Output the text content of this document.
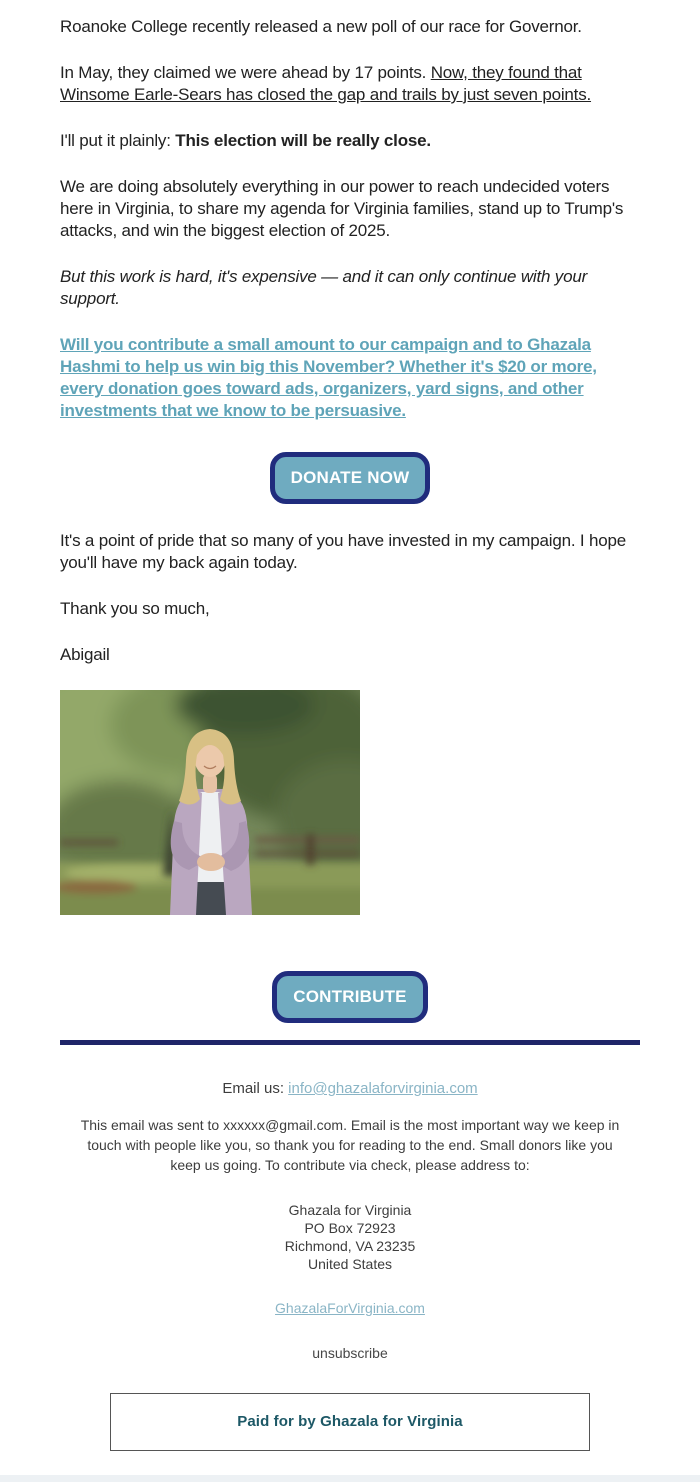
Roanoke College recently released a new poll of our race for Governor.

In May, they claimed we were ahead by 17 points. Now, they found that Winsome Earle-Sears has closed the gap and trails by just seven points.

I'll put it plainly: This election will be really close.

We are doing absolutely everything in our power to reach undecided voters here in Virginia, to share my agenda for Virginia families, stand up to Trump's attacks, and win the biggest election of 2025.

But this work is hard, it's expensive — and it can only continue with your support.

Will you contribute a small amount to our campaign and to Ghazala Hashmi to help us win big this November? Whether it's $20 or more, every donation goes toward ads, organizers, yard signs, and other investments that we know to be persuasive.

DONATE NOW

It's a point of pride that so many of you have invested in my campaign. I hope you'll have my back again today.

Thank you so much,

Abigail

CONTRIBUTE

Email us: info@ghazalaforvirginia.com

This email was sent to xxxxxx@gmail.com. Email is the most important way we keep in touch with people like you, so thank you for reading to the end. Small donors like you keep us going. To contribute via check, please address to:

Ghazala for Virginia
PO Box 72923
Richmond, VA 23235
United States

GhazalaForVirginia.com

unsubscribe
Paid for by Ghazala for Virginia
